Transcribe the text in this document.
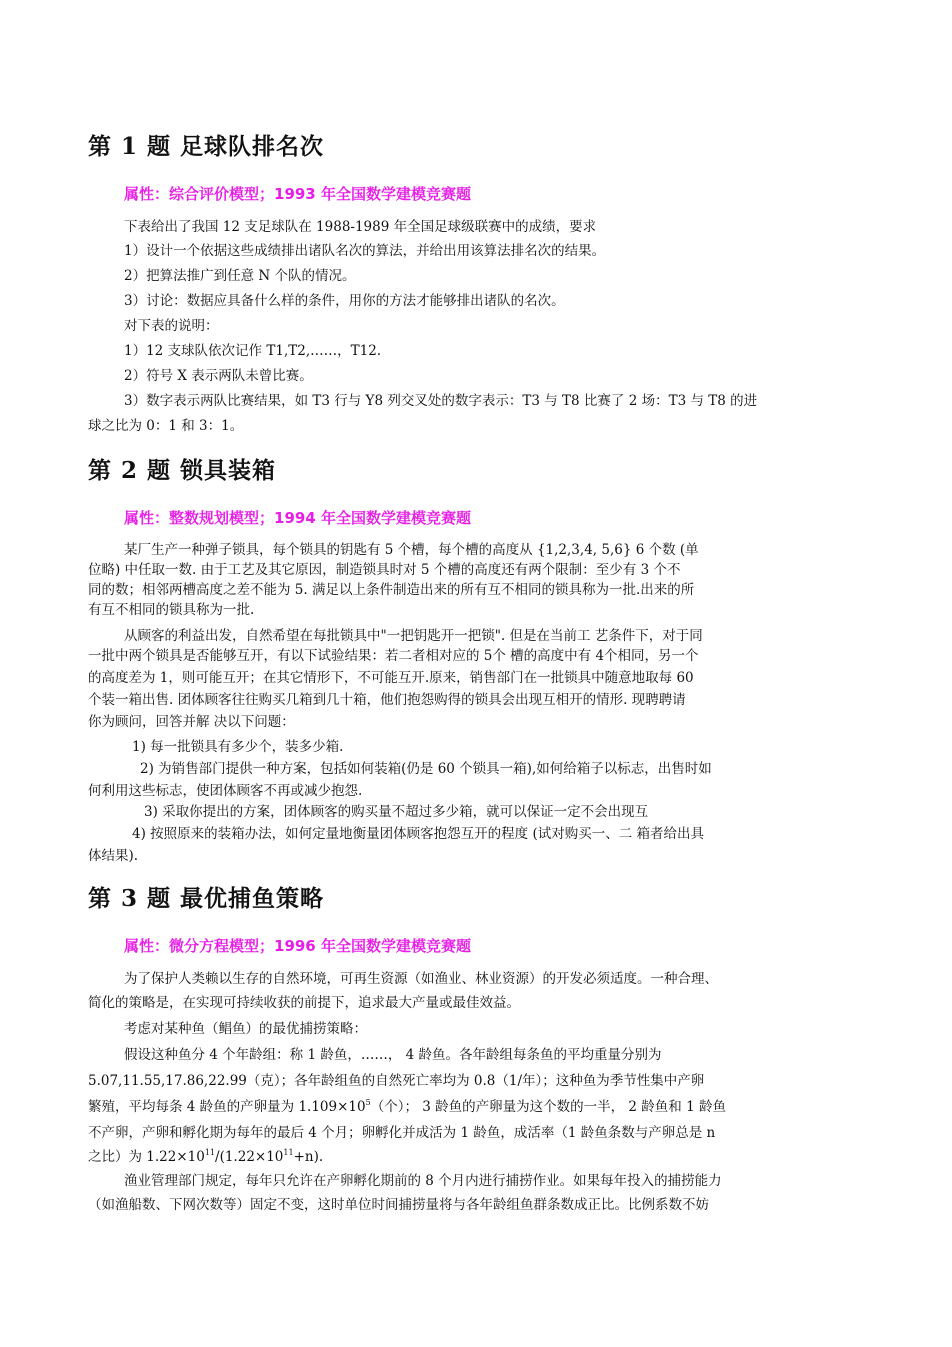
第 1 题 足球队排名次
属性：综合评价模型；1993 年全国数学建模竞赛题
下表给出了我国 12 支足球队在 1988-1989 年全国足球级联赛中的成绩，要求
1）设计一个依据这些成绩排出诸队名次的算法，并给出用该算法排名次的结果。
2）把算法推广到任意 N 个队的情况。
3）讨论：数据应具备什么样的条件，用你的方法才能够排出诸队的名次。
对下表的说明：
1）12 支球队依次记作 T1,T2,……，T12.
2）符号 X 表示两队未曾比赛。
3）数字表示两队比赛结果，如 T3 行与 Y8 列交叉处的数字表示：T3 与 T8 比赛了 2 场：T3 与 T8 的进
球之比为 0：1 和 3：1。
第 2 题 锁具装箱
属性：整数规划模型；1994 年全国数学建模竞赛题
某厂生产一种弹子锁具，每个锁具的钥匙有 5 个槽，每个槽的高度从 {1,2,3,4, 5,6} 6 个数 (单
位略) 中任取一数. 由于工艺及其它原因，制造锁具时对 5 个槽的高度还有两个限制：至少有 3 个不
同的数；相邻两槽高度之差不能为 5. 满足以上条件制造出来的所有互不相同的锁具称为一批.出来的所
有互不相同的锁具称为一批.
从顾客的利益出发，自然希望在每批锁具中"一把钥匙开一把锁". 但是在当前工 艺条件下，对于同
一批中两个锁具是否能够互开，有以下试验结果：若二者相对应的 5个 槽的高度中有 4个相同，另一个
的高度差为 1，则可能互开；在其它情形下，不可能互开.原来，销售部门在一批锁具中随意地取每 60
个装一箱出售. 团体顾客往往购买几箱到几十箱，他们抱怨购得的锁具会出现互相开的情形. 现聘聘请
你为顾问，回答并解 决以下问题：
1) 每一批锁具有多少个，装多少箱.
2) 为销售部门提供一种方案，包括如何装箱(仍是 60 个锁具一箱),如何给箱子以标志，出售时如
何利用这些标志，使团体顾客不再或减少抱怨.
3) 采取你提出的方案，团体顾客的购买量不超过多少箱，就可以保证一定不会出现互
4) 按照原来的装箱办法，如何定量地衡量团体顾客抱怨互开的程度 (试对购买一、二 箱者给出具
体结果).
第 3 题 最优捕鱼策略
属性：微分方程模型；1996 年全国数学建模竞赛题
为了保护人类赖以生存的自然环境，可再生资源（如渔业、林业资源）的开发必须适度。一种合理、
简化的策略是，在实现可持续收获的前提下，追求最大产量或最佳效益。
考虑对某种鱼（鲳鱼）的最优捕捞策略：
假设这种鱼分 4 个年龄组：称 1 龄鱼，……， 4 龄鱼。各年龄组每条鱼的平均重量分别为
5.07,11.55,17.86,22.99（克）；各年龄组鱼的自然死亡率均为 0.8（1/年）；这种鱼为季节性集中产卵
繁殖，平均每条 4 龄鱼的产卵量为 $1.109\times 10^5$（个）； 3 龄鱼的产卵量为这个数的一半， 2 龄鱼和 1 龄鱼
不产卵，产卵和孵化期为每年的最后 4 个月；卵孵化并成活为 1 龄鱼，成活率（1 龄鱼条数与产卵总是 n
之比）为 $1.22\times 10^{11}/(1.22\times 10^{11}+n)$.
渔业管理部门规定，每年只允许在产卵孵化期前的 8 个月内进行捕捞作业。如果每年投入的捕捞能力
（如渔船数、下网次数等）固定不变，这时单位时间捕捞量将与各年龄组鱼群条数成正比。比例系数不妨
